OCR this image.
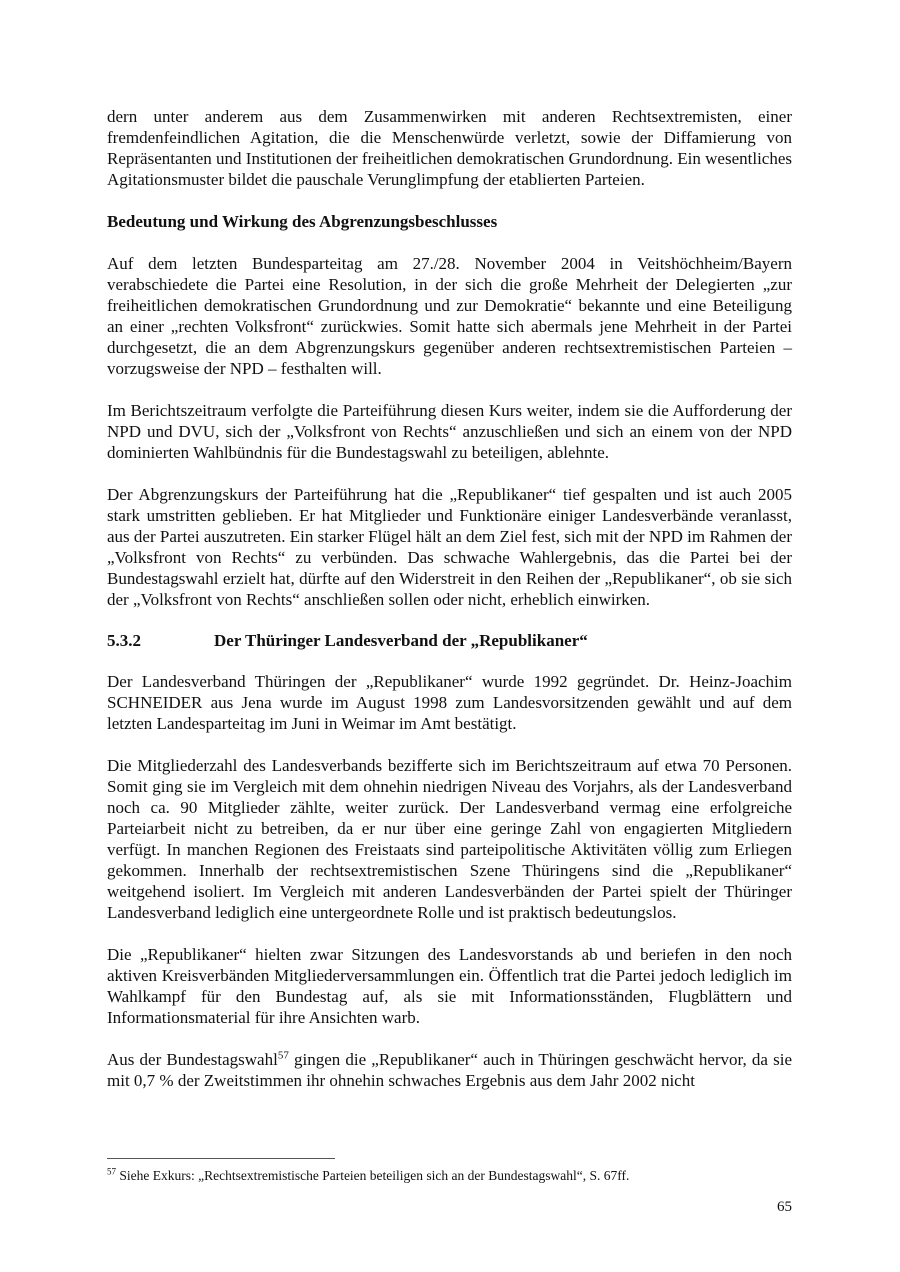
dern unter anderem aus dem Zusammenwirken mit anderen Rechtsextremisten, einer fremdenfeindlichen Agitation, die die Menschenwürde verletzt, sowie der Diffamierung von Repräsentanten und Institutionen der freiheitlichen demokratischen Grundordnung. Ein wesentliches Agitationsmuster bildet die pauschale Verunglimpfung der etablierten Parteien.

Bedeutung und Wirkung des Abgrenzungsbeschlusses

Auf dem letzten Bundesparteitag am 27./28. November 2004 in Veitshöchheim/Bayern verabschiedete die Partei eine Resolution, in der sich die große Mehrheit der Delegierten „zur freiheitlichen demokratischen Grundordnung und zur Demokratie“ bekannte und eine Beteiligung an einer „rechten Volksfront“ zurückwies. Somit hatte sich abermals jene Mehrheit in der Partei durchgesetzt, die an dem Abgrenzungskurs gegenüber anderen rechtsextremistischen Parteien – vorzugsweise der NPD – festhalten will.

Im Berichtszeitraum verfolgte die Parteiführung diesen Kurs weiter, indem sie die Aufforderung der NPD und DVU, sich der „Volksfront von Rechts“ anzuschließen und sich an einem von der NPD dominierten Wahlbündnis für die Bundestagswahl zu beteiligen, ablehnte.

Der Abgrenzungskurs der Parteiführung hat die „Republikaner“ tief gespalten und ist auch 2005 stark umstritten geblieben. Er hat Mitglieder und Funktionäre einiger Landesverbände veranlasst, aus der Partei auszutreten. Ein starker Flügel hält an dem Ziel fest, sich mit der NPD im Rahmen der „Volksfront von Rechts“ zu verbünden. Das schwache Wahlergebnis, das die Partei bei der Bundestagswahl erzielt hat, dürfte auf den Widerstreit in den Reihen der „Republikaner“, ob sie sich der „Volksfront von Rechts“ anschließen sollen oder nicht, erheblich einwirken.

5.3.2	Der Thüringer Landesverband der „Republikaner“

Der Landesverband Thüringen der „Republikaner“ wurde 1992 gegründet. Dr. Heinz-Joachim SCHNEIDER aus Jena wurde im August 1998 zum Landesvorsitzenden gewählt und auf dem letzten Landesparteitag im Juni in Weimar im Amt bestätigt.

Die Mitgliederzahl des Landesverbands bezifferte sich im Berichtszeitraum auf etwa 70 Personen. Somit ging sie im Vergleich mit dem ohnehin niedrigen Niveau des Vorjahrs, als der Landesverband noch ca. 90 Mitglieder zählte, weiter zurück. Der Landesverband vermag eine erfolgreiche Parteiarbeit nicht zu betreiben, da er nur über eine geringe Zahl von engagierten Mitgliedern verfügt. In manchen Regionen des Freistaats sind parteipolitische Aktivitäten völlig zum Erliegen gekommen. Innerhalb der rechtsextremistischen Szene Thüringens sind die „Republikaner“ weitgehend isoliert. Im Vergleich mit anderen Landesverbänden der Partei spielt der Thüringer Landesverband lediglich eine untergeordnete Rolle und ist praktisch bedeutungslos.

Die „Republikaner“ hielten zwar Sitzungen des Landesvorstands ab und beriefen in den noch aktiven Kreisverbänden Mitgliederversammlungen ein. Öffentlich trat die Partei jedoch lediglich im Wahlkampf für den Bundestag auf, als sie mit Informationsständen, Flugblättern und Informationsmaterial für ihre Ansichten warb.

Aus der Bundestagswahl$^{57}$ gingen die „Republikaner“ auch in Thüringen geschwächt hervor, da sie mit 0,7 % der Zweitstimmen ihr ohnehin schwaches Ergebnis aus dem Jahr 2002 nicht

$^{57}$ Siehe Exkurs: „Rechtsextremistische Parteien beteiligen sich an der Bundestagswahl“, S. 67ff.
65
